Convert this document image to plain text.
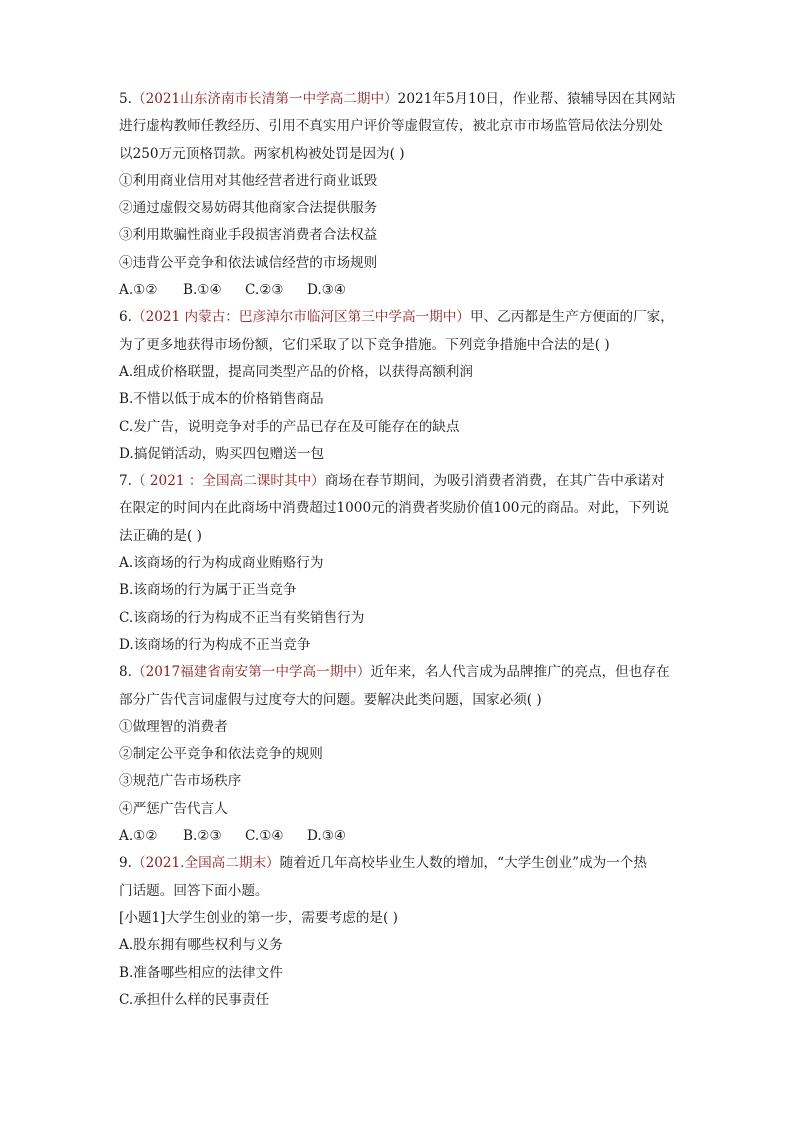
5.（2021山东济南市长清第一中学高二期中）2021年5月10日，作业帮、猿辅导因在其网站
进行虚构教师任教经历、引用不真实用户评价等虚假宣传，被北京市市场监管局依法分别处
以250万元顶格罚款。两家机构被处罚是因为( )
①利用商业信用对其他经营者进行商业诋毁
②通过虚假交易妨碍其他商家合法提供服务
③利用欺骗性商业手段损害消费者合法权益
④违背公平竞争和依法诚信经营的市场规则
A.①② B.①④ C.②③ D.③④
6.（2021 内蒙古：巴彦淖尔市临河区第三中学高一期中）甲、乙丙都是生产方便面的厂家，
为了更多地获得市场份额，它们采取了以下竞争措施。下列竞争措施中合法的是( )
A.组成价格联盟，提高同类型产品的价格，以获得高额利润
B.不惜以低于成本的价格销售商品
C.发广告，说明竞争对手的产品已存在及可能存在的缺点
D.搞促销活动，购买四包赠送一包
7.（ 2021 ：全国高二课时其中）商场在春节期间，为吸引消费者消费，在其广告中承诺对
在限定的时间内在此商场中消费超过1000元的消费者奖励价值100元的商品。对此，下列说
法正确的是( )
A.该商场的行为构成商业贿赂行为
B.该商场的行为属于正当竞争
C.该商场的行为构成不正当有奖销售行为
D.该商场的行为构成不正当竞争
8.（2017福建省南安第一中学高一期中）近年来，名人代言成为品牌推广的亮点，但也存在
部分广告代言词虚假与过度夸大的问题。要解决此类问题，国家必须( )
①做理智的消费者
②制定公平竞争和依法竞争的规则
③规范广告市场秩序
④严惩广告代言人
A.①② B.②③ C.①④ D.③④
9.（2021.全国高二期末）随着近几年高校毕业生人数的增加，“大学生创业”成为一个热
门话题。回答下面小题。
[小题1]大学生创业的第一步，需要考虑的是( )
A.股东拥有哪些权利与义务
B.准备哪些相应的法律文件
C.承担什么样的民事责任
